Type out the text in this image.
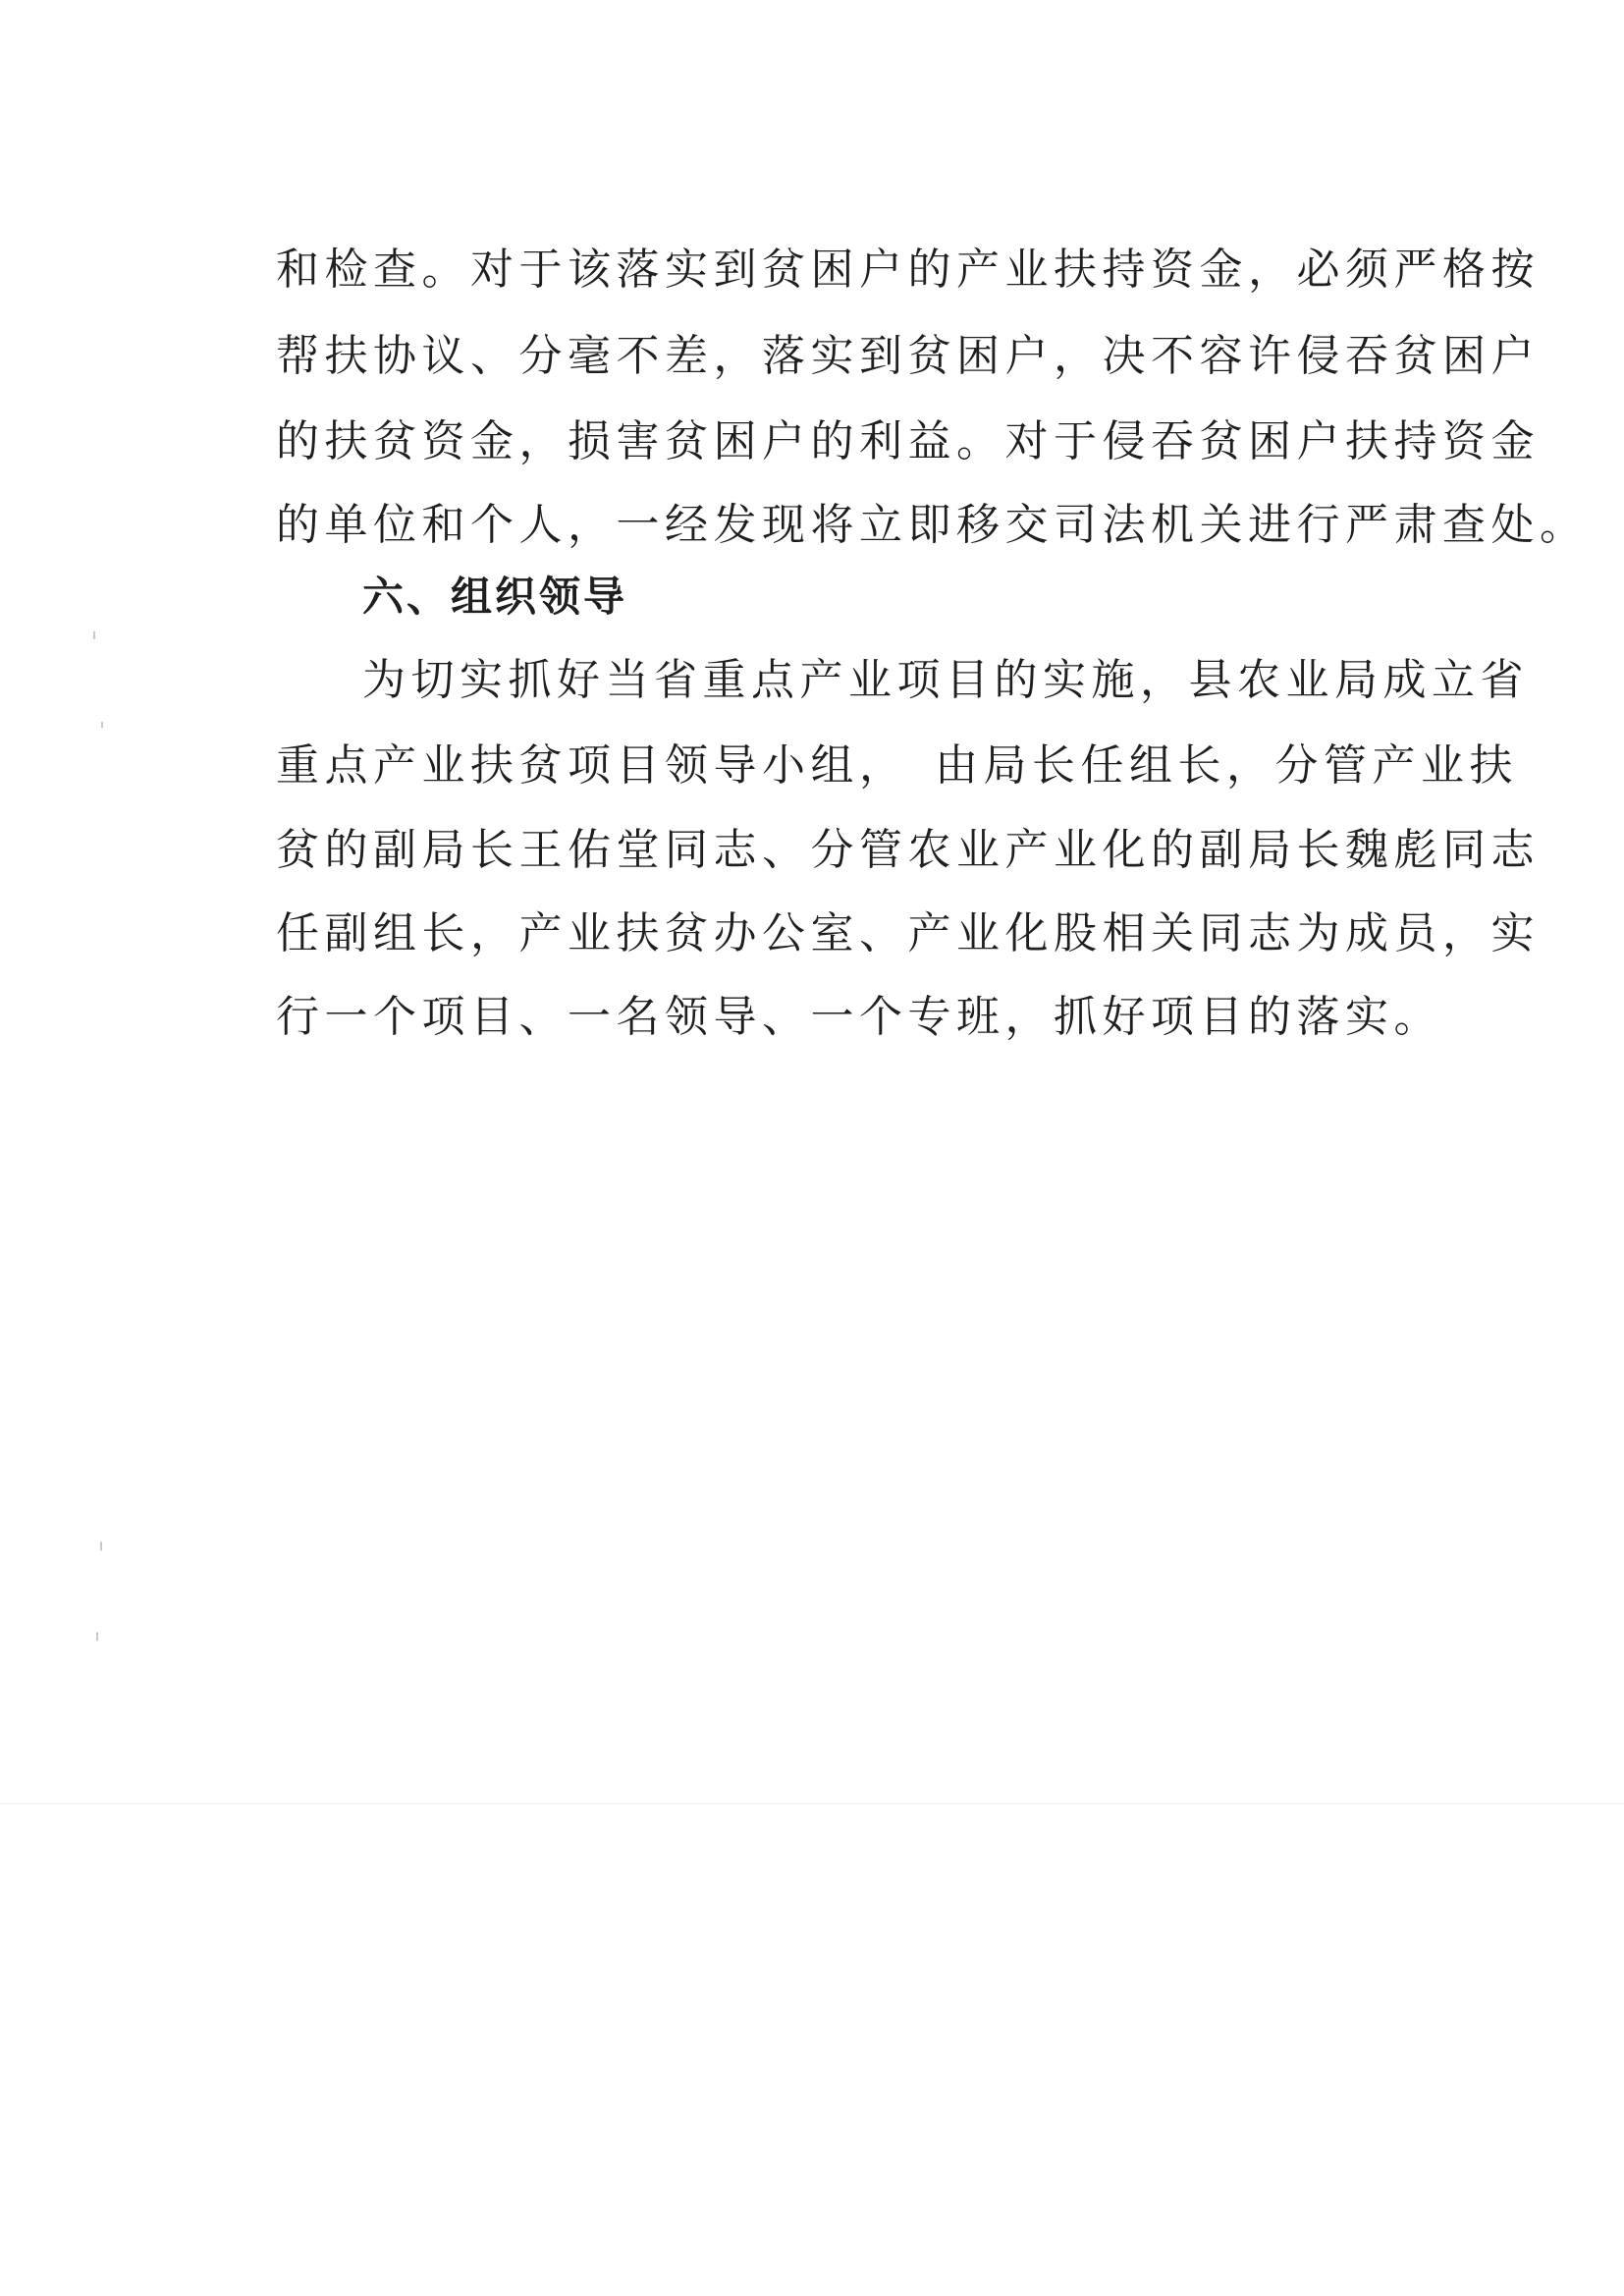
和检查。对于该落实到贫困户的产业扶持资金，必须严格按
帮扶协议、分毫不差，落实到贫困户，决不容许侵吞贫困户
的扶贫资金，损害贫困户的利益。对于侵吞贫困户扶持资金
的单位和个人，一经发现将立即移交司法机关进行严肃查处。
六、组织领导
为切实抓好当省重点产业项目的实施，县农业局成立省
重点产业扶贫项目领导小组，　由局长任组长，分管产业扶
贫的副局长王佑堂同志、分管农业产业化的副局长魏彪同志
任副组长，产业扶贫办公室、产业化股相关同志为成员，实
行一个项目、一名领导、一个专班，抓好项目的落实。
